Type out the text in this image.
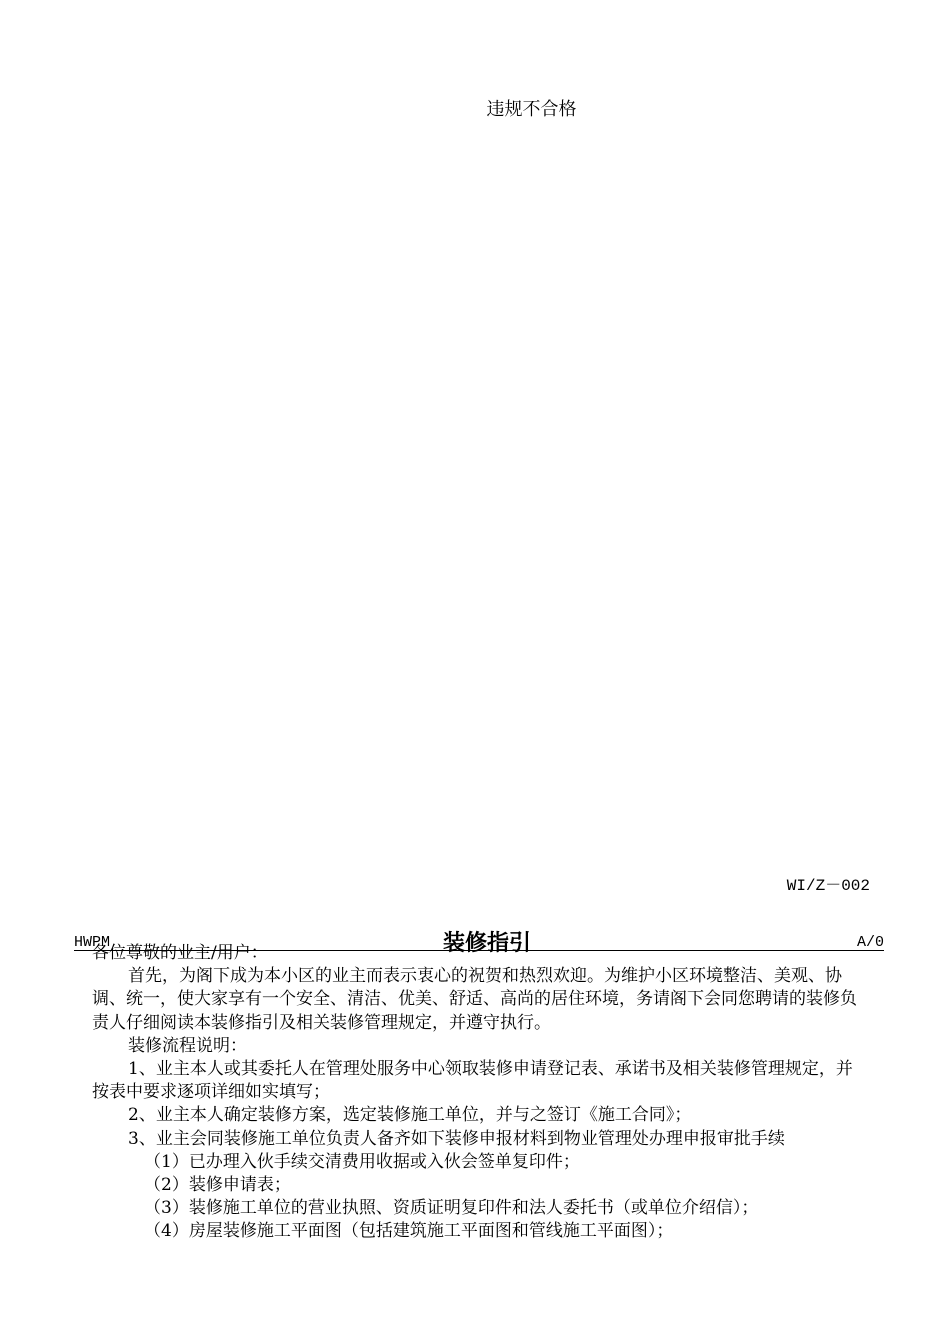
违规不合格
WI/Z－002
HWPM	装修指引	A/0

各位尊敬的业主/用户：

首先，为阁下成为本小区的业主而表示衷心的祝贺和热烈欢迎。为维护小区环境整洁、美观、协调、统一，使大家享有一个安全、清洁、优美、舒适、高尚的居住环境，务请阁下会同您聘请的装修负责人仔细阅读本装修指引及相关装修管理规定，并遵守执行。

装修流程说明：

1、业主本人或其委托人在管理处服务中心领取装修申请登记表、承诺书及相关装修管理规定，并按表中要求逐项详细如实填写；

2、业主本人确定装修方案，选定装修施工单位，并与之签订《施工合同》；

3、业主会同装修施工单位负责人备齐如下装修申报材料到物业管理处办理申报审批手续

（1）已办理入伙手续交清费用收据或入伙会签单复印件；

（2）装修申请表；

（3）装修施工单位的营业执照、资质证明复印件和法人委托书（或单位介绍信）；

（4）房屋装修施工平面图（包括建筑施工平面图和管线施工平面图）；
